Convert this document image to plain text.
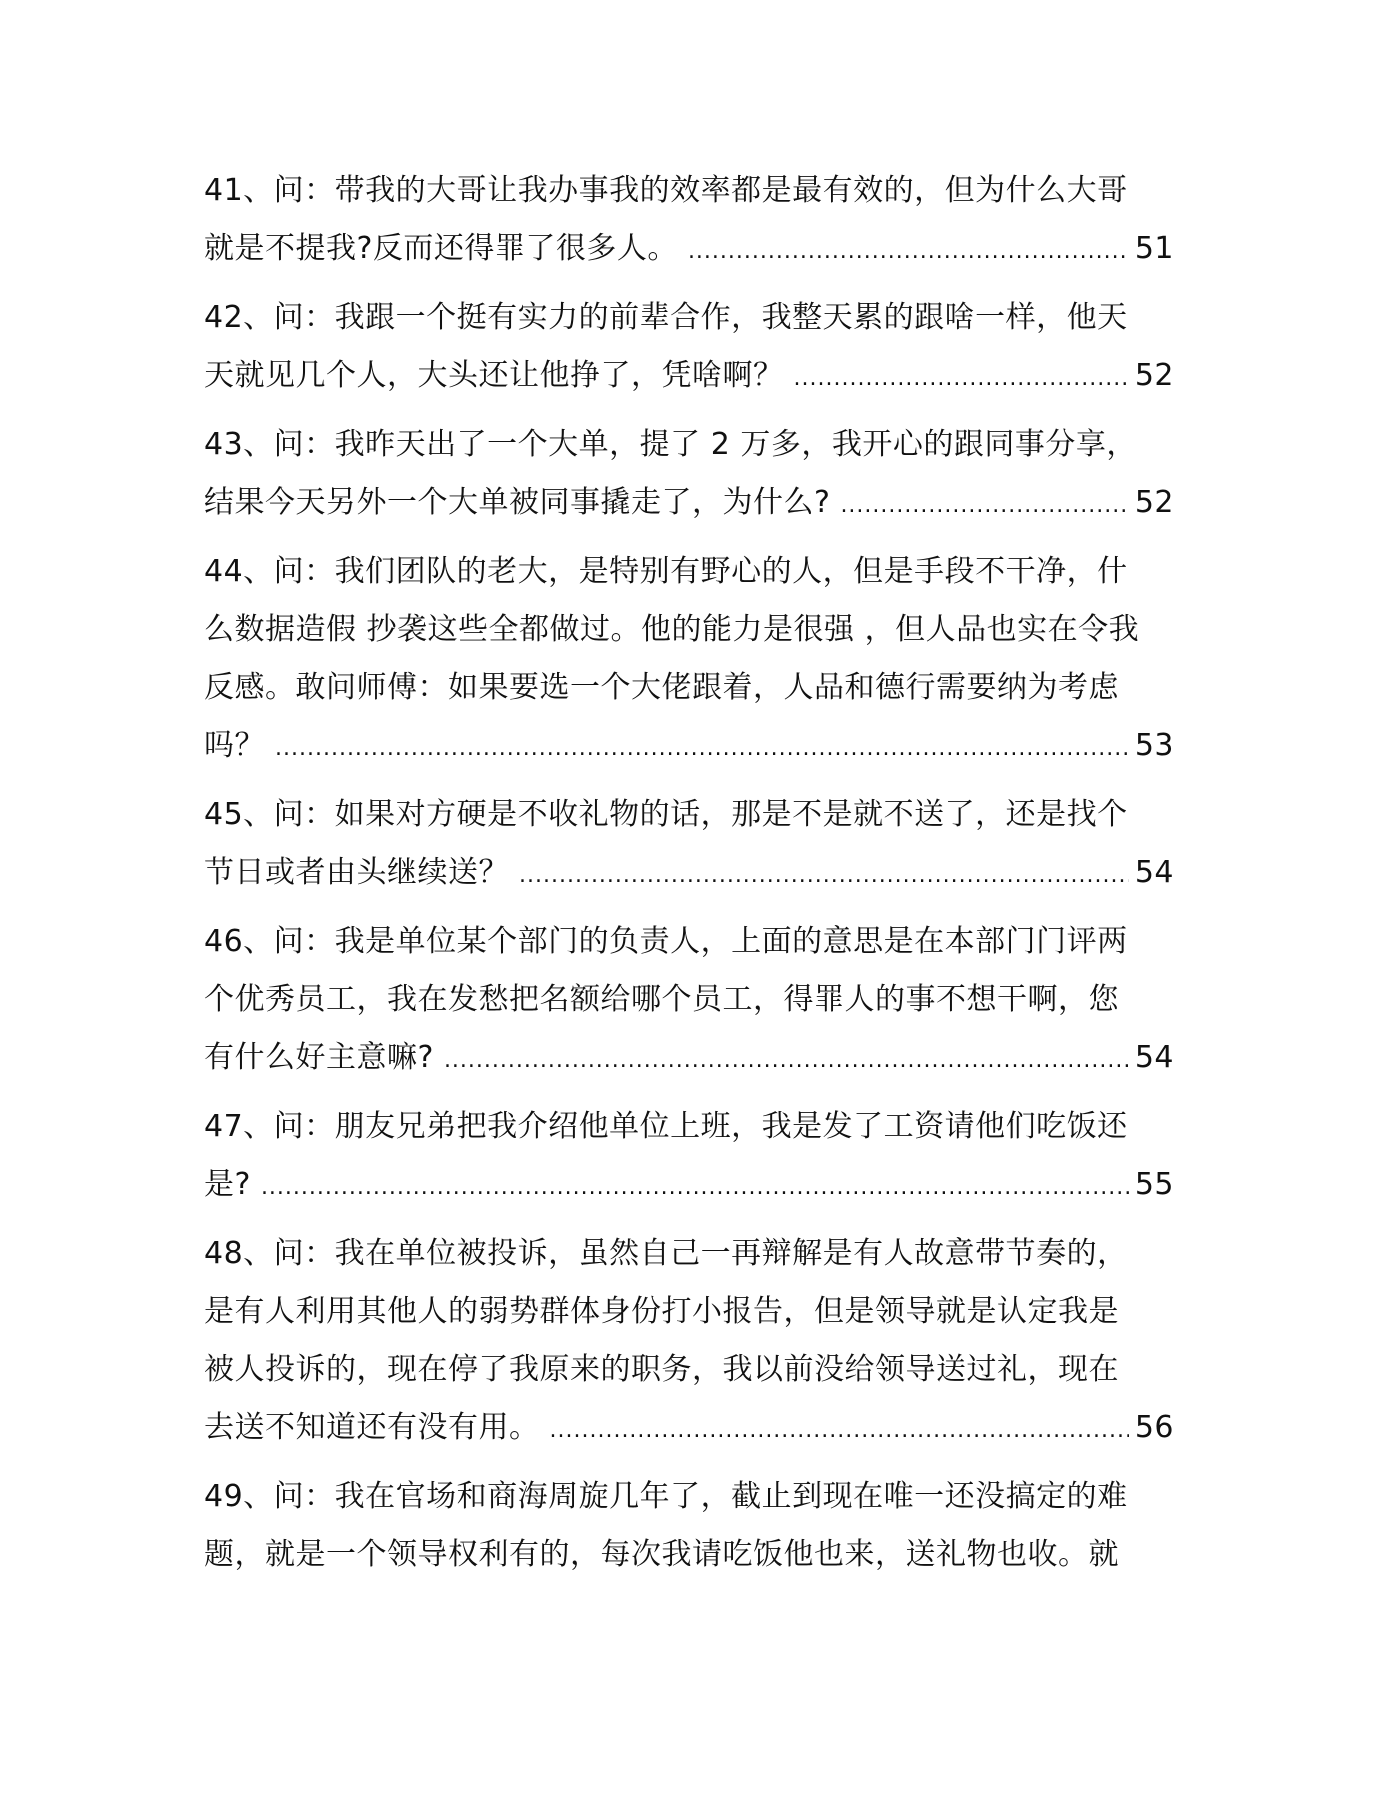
41、问：带我的大哥让我办事我的效率都是最有效的，但为什么大哥
就是不提我?反而还得罪了很多人。 .....	51
42、问：我跟一个挺有实力的前辈合作，我整天累的跟啥一样，他天
天就见几个人，大头还让他挣了，凭啥啊？ .....	52
43、问：我昨天出了一个大单，提了 2 万多，我开心的跟同事分享，
结果今天另外一个大单被同事撬走了，为什么? .....	52
44、问：我们团队的老大，是特别有野心的人，但是手段不干净，什
么数据造假 抄袭这些全都做过。他的能力是很强 ，但人品也实在令我
反感。敢问师傅：如果要选一个大佬跟着，人品和德行需要纳为考虑
吗？ .....	53
45、问：如果对方硬是不收礼物的话，那是不是就不送了，还是找个
节日或者由头继续送？ .....	54
46、问：我是单位某个部门的负责人，上面的意思是在本部门门评两
个优秀员工，我在发愁把名额给哪个员工，得罪人的事不想干啊，您
有什么好主意嘛? .....	54
47、问：朋友兄弟把我介绍他单位上班，我是发了工资请他们吃饭还
是? .....	55
48、问：我在单位被投诉，虽然自己一再辩解是有人故意带节奏的，
是有人利用其他人的弱势群体身份打小报告，但是领导就是认定我是
被人投诉的，现在停了我原来的职务，我以前没给领导送过礼，现在
去送不知道还有没有用。 .....	56
49、问：我在官场和商海周旋几年了，截止到现在唯一还没搞定的难
题，就是一个领导权利有的，每次我请吃饭他也来，送礼物也收。就
